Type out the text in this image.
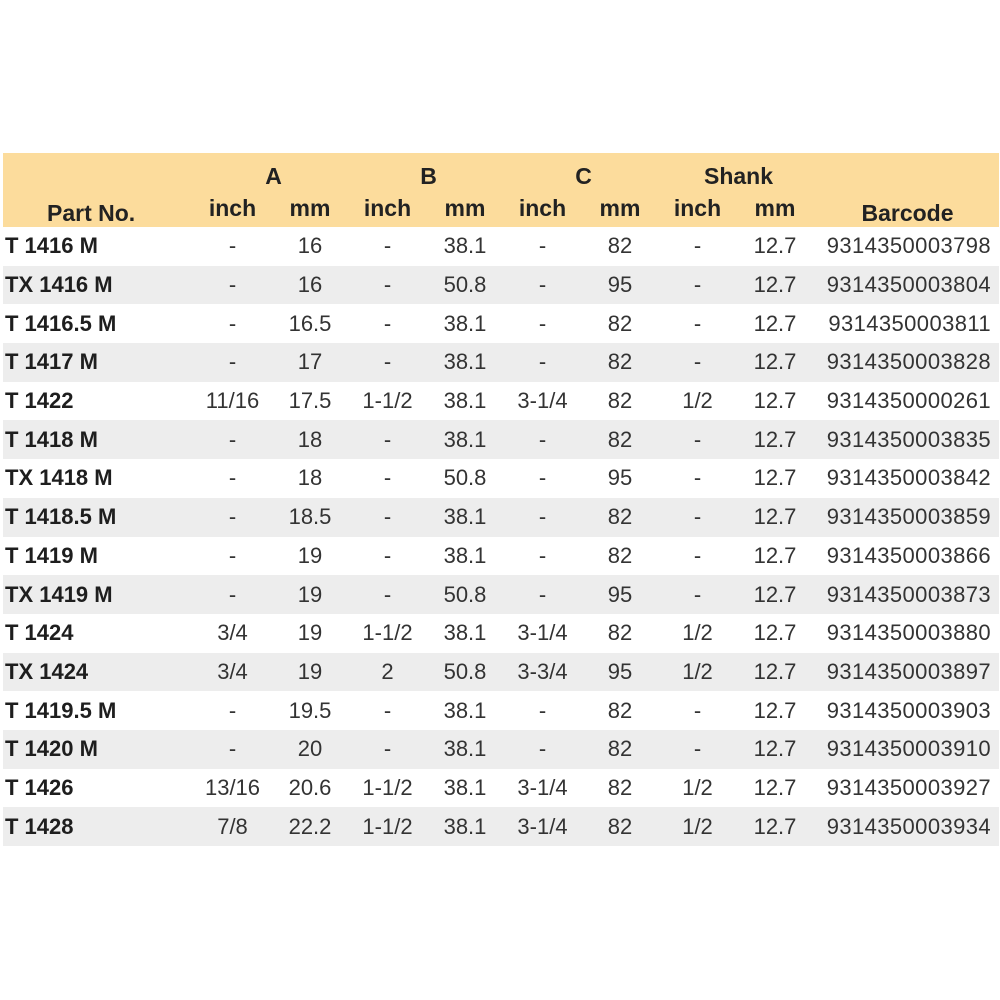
Part No.	A		B		C		Shank		Barcode
	inch	mm	inch	mm	inch	mm	inch	mm	
T 1416 M	-	16	-	38.1	-	82	-	12.7	9314350003798
TX 1416 M	-	16	-	50.8	-	95	-	12.7	9314350003804
T 1416.5 M	-	16.5	-	38.1	-	82	-	12.7	9314350003811
T 1417 M	-	17	-	38.1	-	82	-	12.7	9314350003828
T 1422	11/16	17.5	1-1/2	38.1	3-1/4	82	1/2	12.7	9314350000261
T 1418 M	-	18	-	38.1	-	82	-	12.7	9314350003835
TX 1418 M	-	18	-	50.8	-	95	-	12.7	9314350003842
T 1418.5 M	-	18.5	-	38.1	-	82	-	12.7	9314350003859
T 1419 M	-	19	-	38.1	-	82	-	12.7	9314350003866
TX 1419 M	-	19	-	50.8	-	95	-	12.7	9314350003873
T 1424	3/4	19	1-1/2	38.1	3-1/4	82	1/2	12.7	9314350003880
TX 1424	3/4	19	2	50.8	3-3/4	95	1/2	12.7	9314350003897
T 1419.5 M	-	19.5	-	38.1	-	82	-	12.7	9314350003903
T 1420 M	-	20	-	38.1	-	82	-	12.7	9314350003910
T 1426	13/16	20.6	1-1/2	38.1	3-1/4	82	1/2	12.7	9314350003927
T 1428	7/8	22.2	1-1/2	38.1	3-1/4	82	1/2	12.7	9314350003934
